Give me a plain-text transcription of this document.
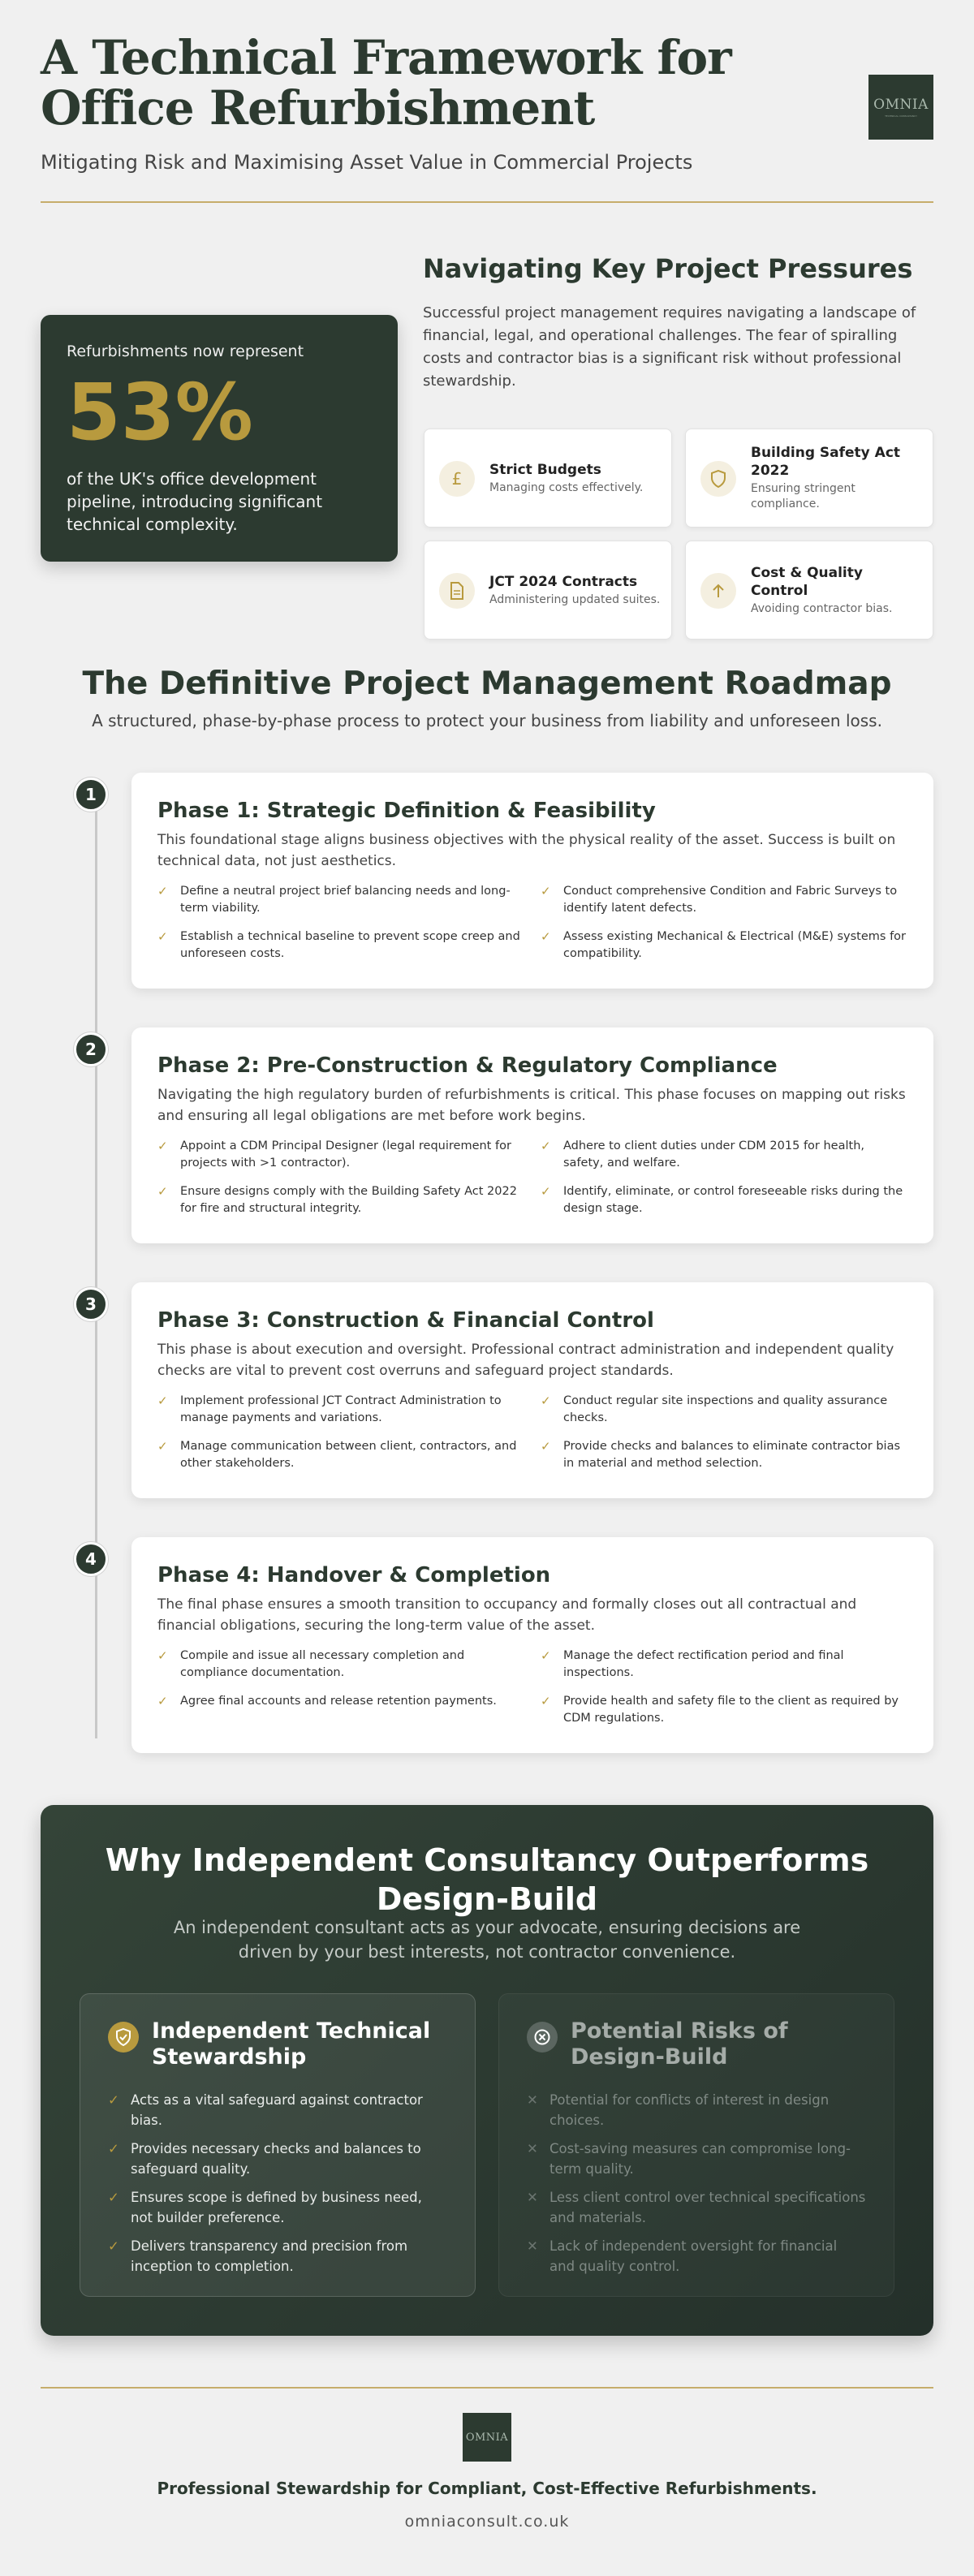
A Technical Framework for Office Refurbishment
Mitigating Risk and Maximising Asset Value in Commercial Projects
OMNIA
TECHNICAL CONSULTANCY
Refurbishments now represent
53%
of the UK's office development pipeline, introducing significant technical complexity.
Navigating Key Project Pressures

Successful project management requires navigating a landscape of financial, legal, and operational challenges. The fear of spiralling costs and contractor bias is a significant risk without professional stewardship.

£	Strict Budgets
Managing costs effectively.
Building Safety Act 2022
Ensuring stringent compliance.
JCT 2024 Contracts
Administering updated suites.
Cost & Quality Control
Avoiding contractor bias.
The Definitive Project Management Roadmap

A structured, phase-by-phase process to protect your business from liability and unforeseen loss.

1
Phase 1: Strategic Definition & Feasibility

This foundational stage aligns business objectives with the physical reality of the asset. Success is built on technical data, not just aesthetics.

✓	Define a neutral project brief balancing needs and long-term viability.
✓	Conduct comprehensive Condition and Fabric Surveys to identify latent defects.
✓	Establish a technical baseline to prevent scope creep and unforeseen costs.
✓	Assess existing Mechanical & Electrical (M&E) systems for compatibility.
2
Phase 2: Pre-Construction & Regulatory Compliance

Navigating the high regulatory burden of refurbishments is critical. This phase focuses on mapping out risks and ensuring all legal obligations are met before work begins.

✓	Appoint a CDM Principal Designer (legal requirement for projects with >1 contractor).
✓	Adhere to client duties under CDM 2015 for health, safety, and welfare.
✓	Ensure designs comply with the Building Safety Act 2022 for fire and structural integrity.
✓	Identify, eliminate, or control foreseeable risks during the design stage.
3
Phase 3: Construction & Financial Control

This phase is about execution and oversight. Professional contract administration and independent quality checks are vital to prevent cost overruns and safeguard project standards.

✓	Implement professional JCT Contract Administration to manage payments and variations.
✓	Conduct regular site inspections and quality assurance checks.
✓	Manage communication between client, contractors, and other stakeholders.
✓	Provide checks and balances to eliminate contractor bias in material and method selection.
4
Phase 4: Handover & Completion

The final phase ensures a smooth transition to occupancy and formally closes out all contractual and financial obligations, securing the long-term value of the asset.

✓	Compile and issue all necessary completion and compliance documentation.
✓	Manage the defect rectification period and final inspections.
✓	Agree final accounts and release retention payments.	✓	Provide health and safety file to the client as required by CDM regulations.
Why Independent Consultancy Outperforms Design-Build

An independent consultant acts as your advocate, ensuring decisions are driven by your best interests, not contractor convenience.

Independent Technical Stewardship
✓ Acts as a vital safeguard against contractor bias.
✓ Provides necessary checks and balances to safeguard quality.
✓ Ensures scope is defined by business need, not builder preference.
✓ Delivers transparency and precision from inception to completion.
Potential Risks of Design-Build
✕ Potential for conflicts of interest in design choices.
✕ Cost-saving measures can compromise long-term quality.
✕ Less client control over technical specifications and materials.
✕ Lack of independent oversight for financial and quality control.
OMNIA
Professional Stewardship for Compliant, Cost-Effective Refurbishments.
omniaconsult.co.uk
